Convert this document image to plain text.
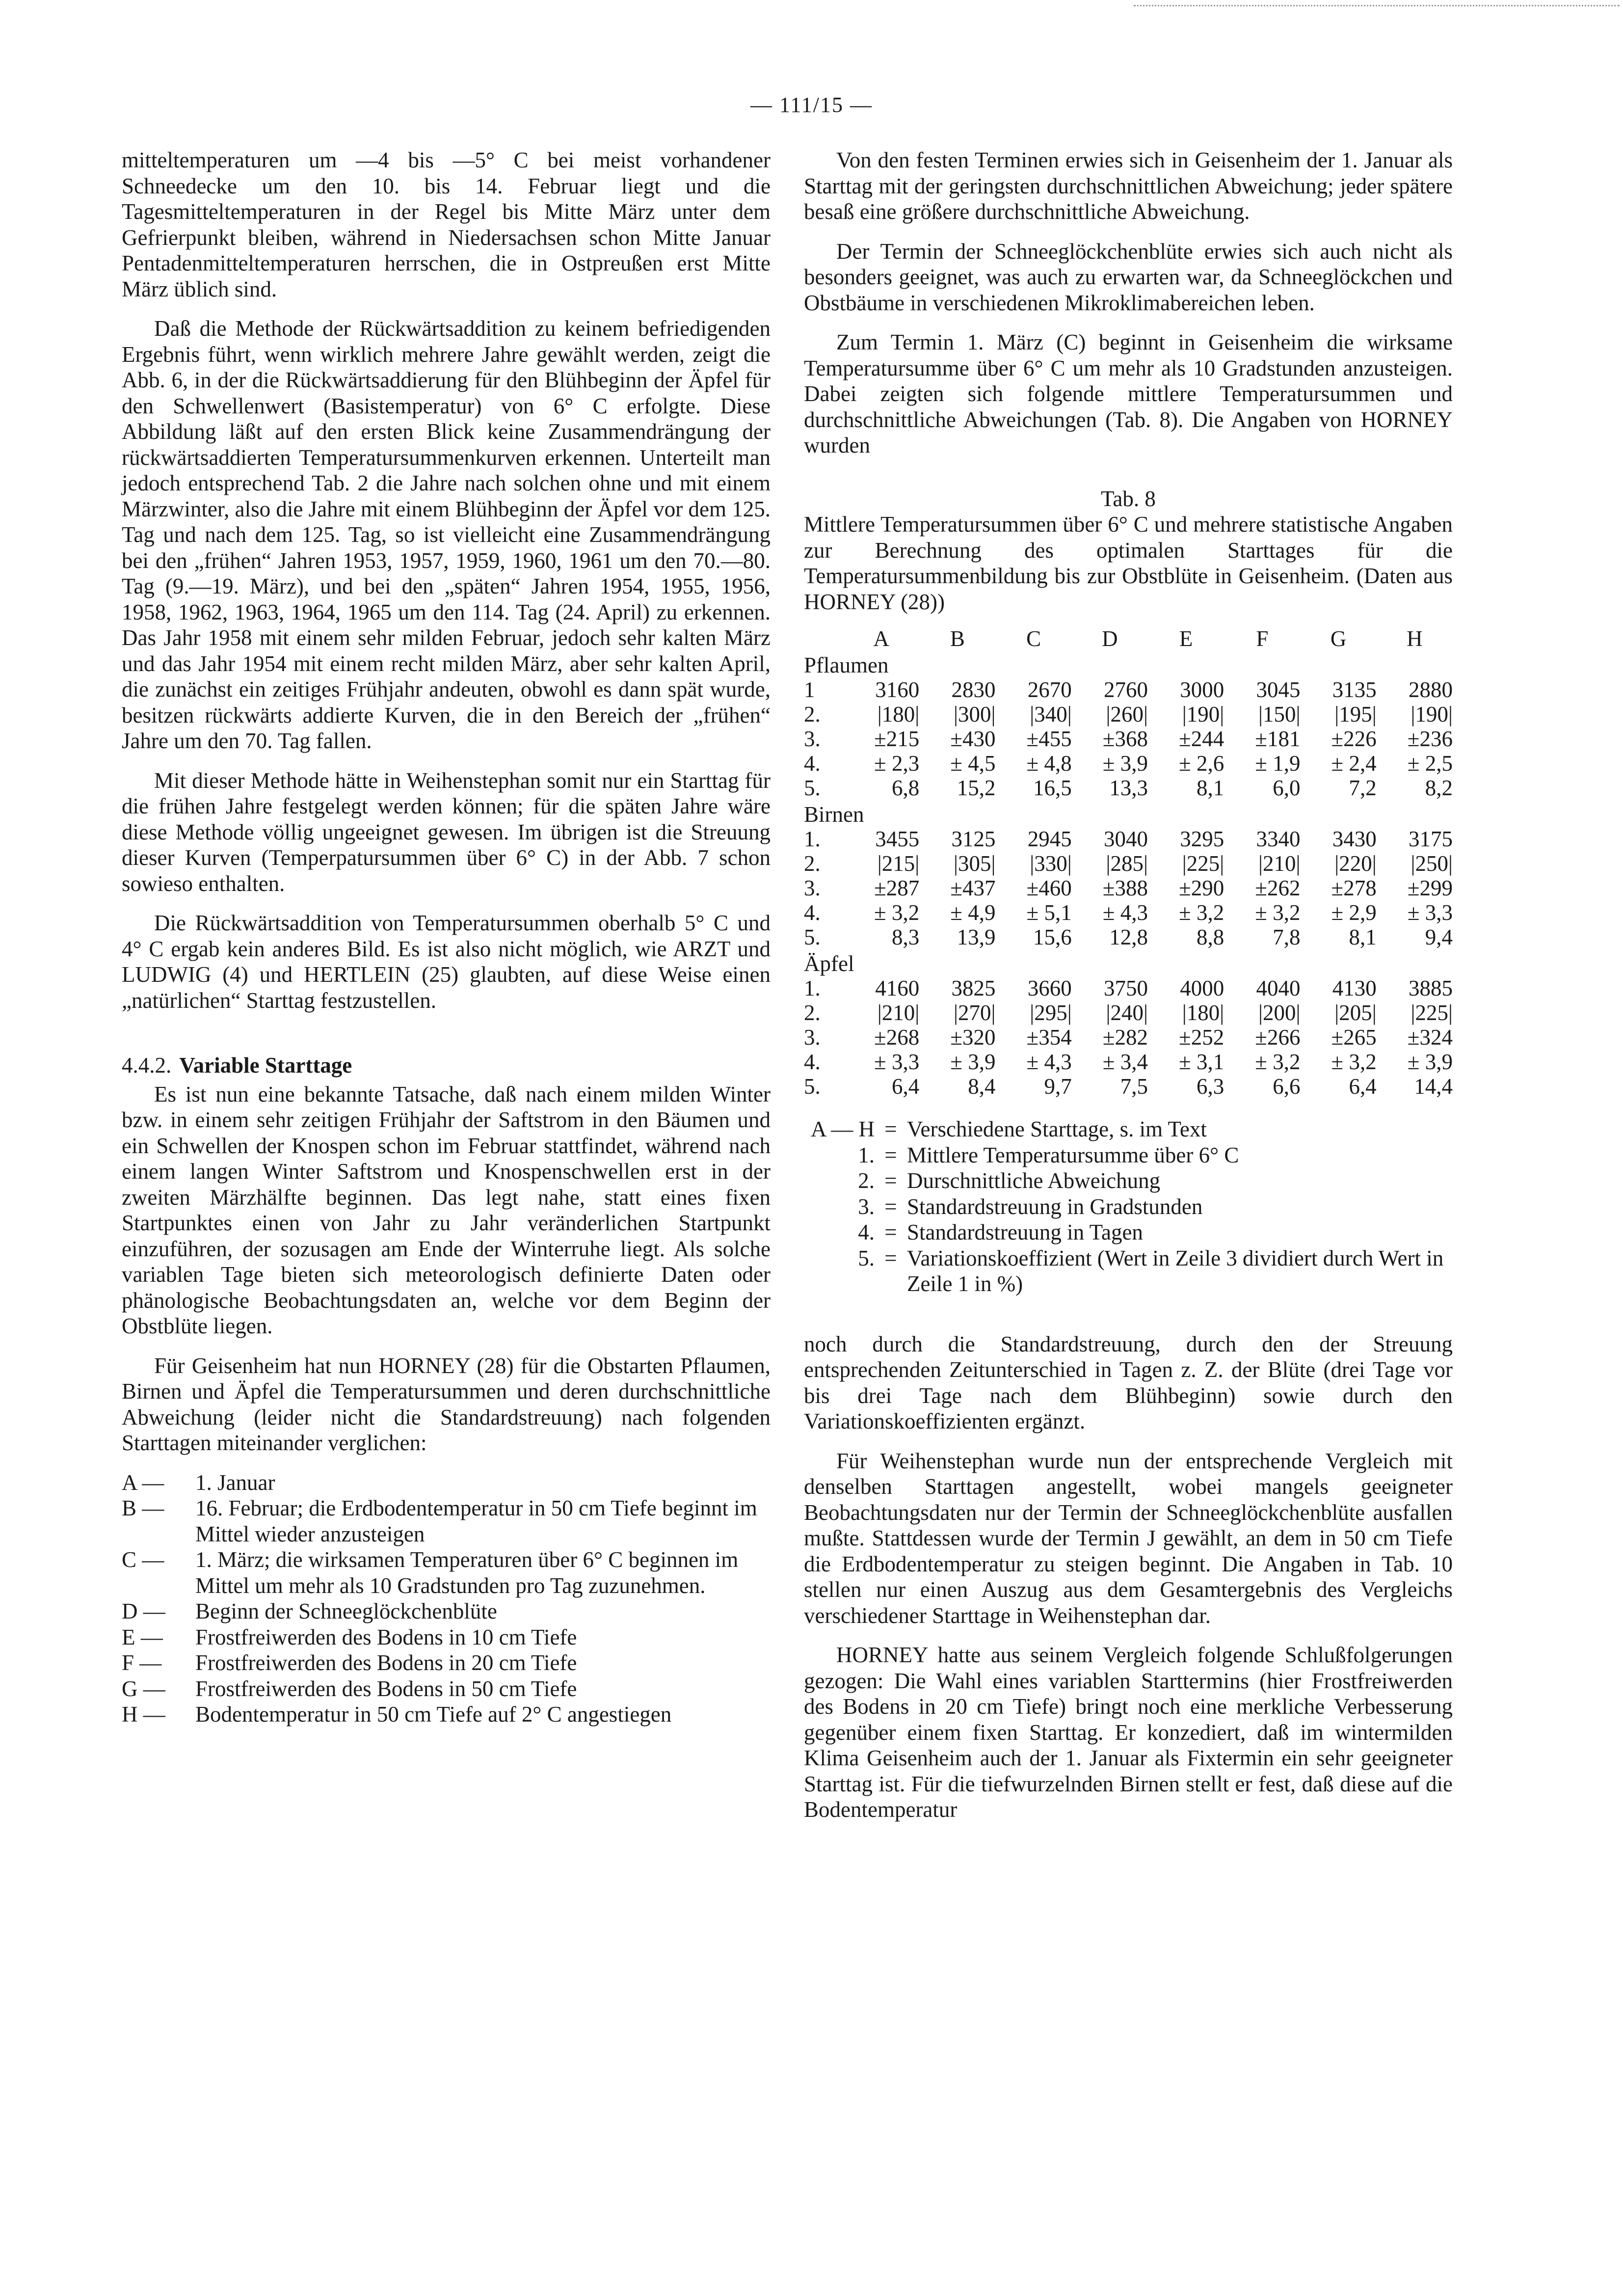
— 111/15 —

mitteltemperaturen um —4 bis —5° C bei meist vorhandener Schneedecke um den 10. bis 14. Februar liegt und die Tagesmitteltemperaturen in der Regel bis Mitte März unter dem Gefrierpunkt bleiben, während in Niedersachsen schon Mitte Januar Pentadenmitteltemperaturen herrschen, die in Ostpreußen erst Mitte März üblich sind.

Daß die Methode der Rückwärtsaddition zu keinem befriedigenden Ergebnis führt, wenn wirklich mehrere Jahre gewählt werden, zeigt die Abb. 6, in der die Rückwärtsaddierung für den Blühbeginn der Äpfel für den Schwellenwert (Basistemperatur) von 6° C erfolgte. Diese Abbildung läßt auf den ersten Blick keine Zusammendrängung der rückwärtsaddierten Temperatursummenkurven erkennen. Unterteilt man jedoch entsprechend Tab. 2 die Jahre nach solchen ohne und mit einem Märzwinter, also die Jahre mit einem Blühbeginn der Äpfel vor dem 125. Tag und nach dem 125. Tag, so ist vielleicht eine Zusammendrängung bei den „frühen“ Jahren 1953, 1957, 1959, 1960, 1961 um den 70.—80. Tag (9.—19. März), und bei den „späten“ Jahren 1954, 1955, 1956, 1958, 1962, 1963, 1964, 1965 um den 114. Tag (24. April) zu erkennen. Das Jahr 1958 mit einem sehr milden Februar, jedoch sehr kalten März und das Jahr 1954 mit einem recht milden März, aber sehr kalten April, die zunächst ein zeitiges Frühjahr andeuten, obwohl es dann spät wurde, besitzen rückwärts addierte Kurven, die in den Bereich der „frühen“ Jahre um den 70. Tag fallen.

Mit dieser Methode hätte in Weihenstephan somit nur ein Starttag für die frühen Jahre festgelegt werden können; für die späten Jahre wäre diese Methode völlig ungeeignet gewesen. Im übrigen ist die Streuung dieser Kurven (Temperpatursummen über 6° C) in der Abb. 7 schon sowieso enthalten.

Die Rückwärtsaddition von Temperatursummen oberhalb 5° C und 4° C ergab kein anderes Bild. Es ist also nicht möglich, wie ARZT und LUDWIG (4) und HERTLEIN (25) glaubten, auf diese Weise einen „natürlichen“ Starttag festzustellen.

4.4.2. Variable Starttage

Es ist nun eine bekannte Tatsache, daß nach einem milden Winter bzw. in einem sehr zeitigen Frühjahr der Saftstrom in den Bäumen und ein Schwellen der Knospen schon im Februar stattfindet, während nach einem langen Winter Saftstrom und Knospenschwellen erst in der zweiten Märzhälfte beginnen. Das legt nahe, statt eines fixen Startpunktes einen von Jahr zu Jahr veränderlichen Startpunkt einzuführen, der sozusagen am Ende der Winterruhe liegt. Als solche variablen Tage bieten sich meteorologisch definierte Daten oder phänologische Beobachtungsdaten an, welche vor dem Beginn der Obstblüte liegen.

Für Geisenheim hat nun HORNEY (28) für die Obstarten Pflaumen, Birnen und Äpfel die Temperatursummen und deren durchschnittliche Abweichung (leider nicht die Standardstreuung) nach folgenden Starttagen miteinander verglichen:

A —	1. Januar
B —	16. Februar; die Erdbodentemperatur in 50 cm Tiefe beginnt im Mittel wieder anzusteigen
C —	1. März; die wirksamen Temperaturen über 6° C beginnen im Mittel um mehr als 10 Gradstunden pro Tag zuzunehmen.
D —	Beginn der Schneeglöckchenblüte
E —	Frostfreiwerden des Bodens in 10 cm Tiefe
F —	Frostfreiwerden des Bodens in 20 cm Tiefe
G —	Frostfreiwerden des Bodens in 50 cm Tiefe
H —	Bodentemperatur in 50 cm Tiefe auf 2° C angestiegen

Von den festen Terminen erwies sich in Geisenheim der 1. Januar als Starttag mit der geringsten durchschnittlichen Abweichung; jeder spätere besaß eine größere durchschnittliche Abweichung.

Der Termin der Schneeglöckchenblüte erwies sich auch nicht als besonders geeignet, was auch zu erwarten war, da Schneeglöckchen und Obstbäume in verschiedenen Mikroklimabereichen leben.

Zum Termin 1. März (C) beginnt in Geisenheim die wirksame Temperatursumme über 6° C um mehr als 10 Gradstunden anzusteigen. Dabei zeigten sich folgende mittlere Temperatursummen und durchschnittliche Abweichungen (Tab. 8). Die Angaben von HORNEY wurden

Tab. 8
Mittlere Temperatursummen über 6° C und mehrere statistische Angaben zur Berechnung des optimalen Starttages für die Temperatursummenbildung bis zur Obstblüte in Geisenheim. (Daten aus HORNEY (28))
	A	B	C	D	E	F	G	H
Pflaumen								
1	3160	2830	2670	2760	3000	3045	3135	2880
2.	|180|	|300|	|340|	|260|	|190|	|150|	|195|	|190|
3.	±215	±430	±455	±368	±244	±181	±226	±236
4.	± 2,3	± 4,5	± 4,8	± 3,9	± 2,6	± 1,9	± 2,4	± 2,5
5.	6,8	15,2	16,5	13,3	8,1	6,0	7,2	8,2
Birnen								
1.	3455	3125	2945	3040	3295	3340	3430	3175
2.	|215|	|305|	|330|	|285|	|225|	|210|	|220|	|250|
3.	±287	±437	±460	±388	±290	±262	±278	±299
4.	± 3,2	± 4,9	± 5,1	± 4,3	± 3,2	± 3,2	± 2,9	± 3,3
5.	8,3	13,9	15,6	12,8	8,8	7,8	8,1	9,4
Äpfel								
1.	4160	3825	3660	3750	4000	4040	4130	3885
2.	|210|	|270|	|295|	|240|	|180|	|200|	|205|	|225|
3.	±268	±320	±354	±282	±252	±266	±265	±324
4.	± 3,3	± 3,9	± 4,3	± 3,4	± 3,1	± 3,2	± 3,2	± 3,9
5.	6,4	8,4	9,7	7,5	6,3	6,6	6,4	14,4
A — H = Verschiedene Starttage, s. im Text
1. = Mittlere Temperatursumme über 6° C
2. = Durschnittliche Abweichung
3. = Standardstreuung in Gradstunden
4. = Standardstreuung in Tagen
5. = Variationskoeffizient (Wert in Zeile 3 dividiert durch Wert in Zeile 1 in %)

noch durch die Standardstreuung, durch den der Streuung entsprechenden Zeitunterschied in Tagen z. Z. der Blüte (drei Tage vor bis drei Tage nach dem Blühbeginn) sowie durch den Variationskoeffizienten ergänzt.

Für Weihenstephan wurde nun der entsprechende Vergleich mit denselben Starttagen angestellt, wobei mangels geeigneter Beobachtungsdaten nur der Termin der Schneeglöckchenblüte ausfallen mußte. Stattdessen wurde der Termin J gewählt, an dem in 50 cm Tiefe die Erdbodentemperatur zu steigen beginnt. Die Angaben in Tab. 10 stellen nur einen Auszug aus dem Gesamtergebnis des Vergleichs verschiedener Starttage in Weihenstephan dar.

HORNEY hatte aus seinem Vergleich folgende Schlußfolgerungen gezogen: Die Wahl eines variablen Starttermins (hier Frostfreiwerden des Bodens in 20 cm Tiefe) bringt noch eine merkliche Verbesserung gegenüber einem fixen Starttag. Er konzediert, daß im wintermilden Klima Geisenheim auch der 1. Januar als Fixtermin ein sehr geeigneter Starttag ist. Für die tiefwurzelnden Birnen stellt er fest, daß diese auf die Bodentemperatur
